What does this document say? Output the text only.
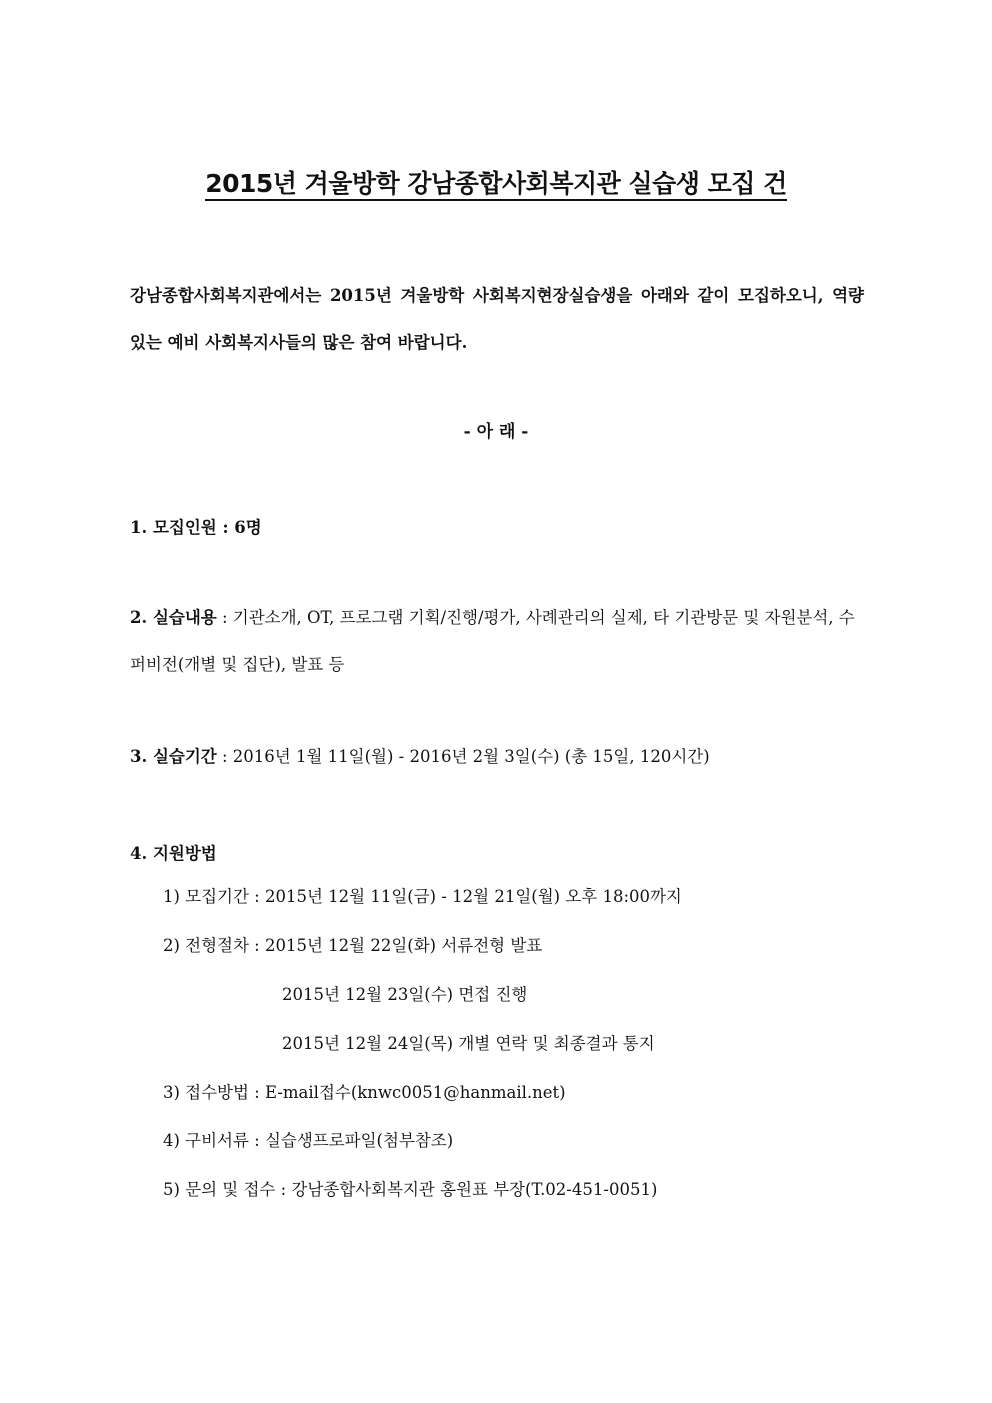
2015년 겨울방학 강남종합사회복지관 실습생 모집 건
강남종합사회복지관에서는 2015년 겨울방학 사회복지현장실습생을 아래와 같이 모집하오니, 역량 있는 예비 사회복지사들의 많은 참여 바랍니다.
- 아 래 -
1. 모집인원 : 6명
2. 실습내용 : 기관소개, OT, 프로그램 기획/진행/평가, 사례관리의 실제, 타 기관방문 및 자원분석, 수퍼비전(개별 및 집단), 발표 등
3. 실습기간 : 2016년 1월 11일(월) - 2016년 2월 3일(수) (총 15일, 120시간)
4. 지원방법
1) 모집기간 : 2015년 12월 11일(금) - 12월 21일(월) 오후 18:00까지
2) 전형절차 : 2015년 12월 22일(화) 서류전형 발표
2015년 12월 23일(수) 면접 진행
2015년 12월 24일(목) 개별 연락 및 최종결과 통지
3) 접수방법 : E-mail접수(knwc0051@hanmail.net)
4) 구비서류 : 실습생프로파일(첨부참조)
5) 문의 및 접수 : 강남종합사회복지관 홍원표 부장(T.02-451-0051)
